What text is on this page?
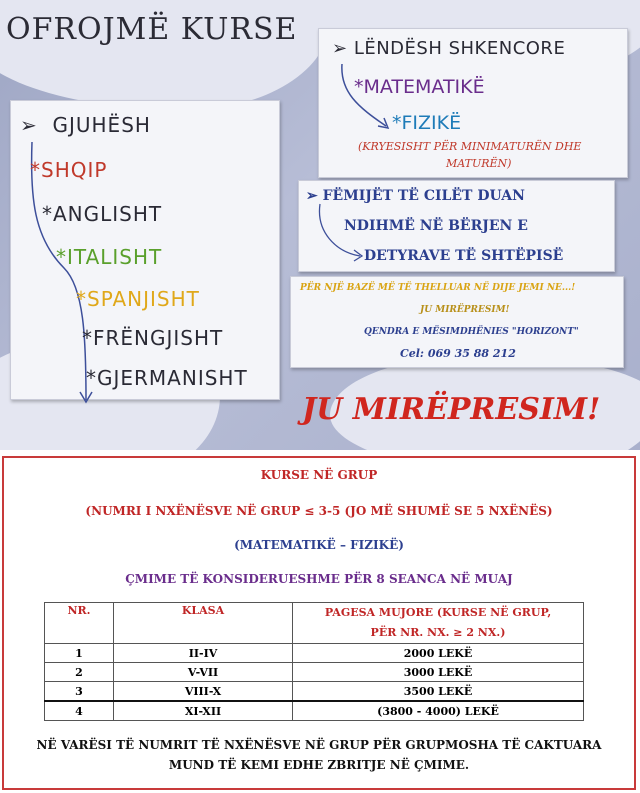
OFROJMË KURSE
➢  GJUHËSH
*SHQIP
*ANGLISHT
*ITALISHT
*SPANJISHT
*FRËNGJISHT
*GJERMANISHT
➢ LËNDËSH SHKENCORE
*MATEMATIKË
*FIZIKË
(KRYESISHT PËR MINIMATURËN DHE
MATURËN)
➢ FËMIJËT TË CILËT DUAN
NDIHMË NË BËRJEN E
DETYRAVE TË SHTËPISË
PËR NJË BAZË MË TË THELLUAR NË DIJE JEMI NE...!
JU MIRËPRESIM!
QENDRA E MËSIMDHËNIES "HORIZONT"
Cel: 069 35 88 212
JU MIRËPRESIM!
KURSE NË GRUP
(NUMRI I NXËNËSVE NË GRUP ≤ 3-5 (JO MË SHUMË SE 5 NXËNËS)
(MATEMATIKË – FIZIKË)
ÇMIME TË KONSIDERUESHME PËR 8 SEANCA NË MUAJ
NR.	KLASA	PAGESA MUJORE (KURSE NË GRUP,
		PËR NR. NX. ≥ 2 NX.)
1	II-IV	2000 LEKË
2	V-VII	3000 LEKË
3	VIII-X	3500 LEKË
4	XI-XII	(3800 - 4000) LEKË
NË VARËSI TË NUMRIT TË NXËNËSVE NË GRUP PËR GRUPMOSHA TË CAKTUARA
MUND TË KEMI EDHE ZBRITJE NË ÇMIME.
